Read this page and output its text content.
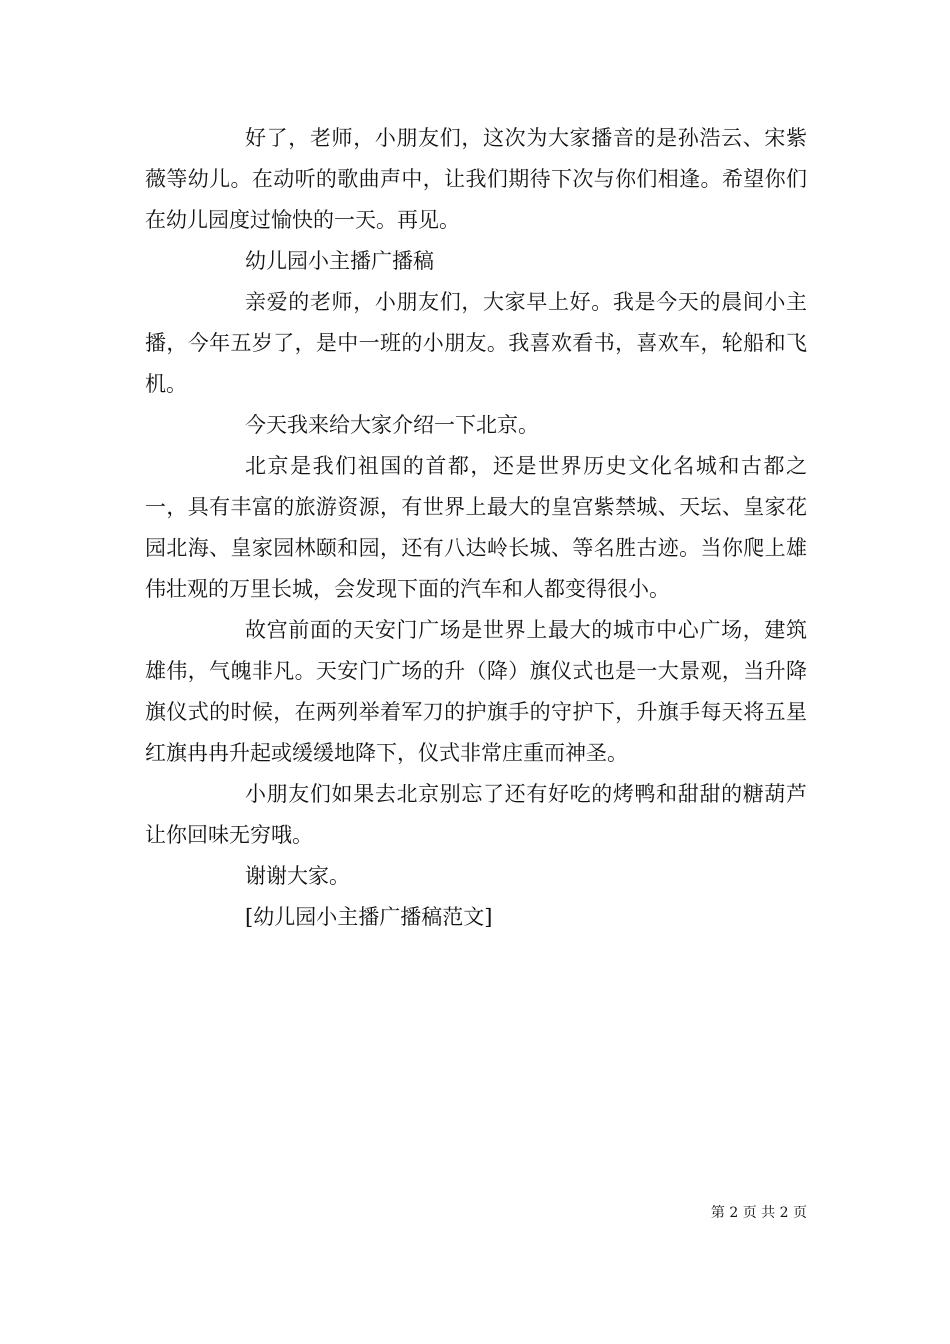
好了，老师，小朋友们，这次为大家播音的是孙浩云、宋紫薇等幼儿。在动听的歌曲声中，让我们期待下次与你们相逢。希望你们在幼儿园度过愉快的一天。再见。

幼儿园小主播广播稿

亲爱的老师，小朋友们，大家早上好。我是今天的晨间小主播，今年五岁了，是中一班的小朋友。我喜欢看书，喜欢车，轮船和飞机。

今天我来给大家介绍一下北京。

北京是我们祖国的首都，还是世界历史文化名城和古都之一，具有丰富的旅游资源，有世界上最大的皇宫紫禁城、天坛、皇家花园北海、皇家园林颐和园，还有八达岭长城、等名胜古迹。当你爬上雄伟壮观的万里长城，会发现下面的汽车和人都变得很小。

故宫前面的天安门广场是世界上最大的城市中心广场，建筑雄伟，气魄非凡。天安门广场的升（降）旗仪式也是一大景观，当升降旗仪式的时候，在两列举着军刀的护旗手的守护下，升旗手每天将五星红旗冉冉升起或缓缓地降下，仪式非常庄重而神圣。

小朋友们如果去北京别忘了还有好吃的烤鸭和甜甜的糖葫芦让你回味无穷哦。

谢谢大家。

[幼儿园小主播广播稿范文]

第 2 页 共 2 页
